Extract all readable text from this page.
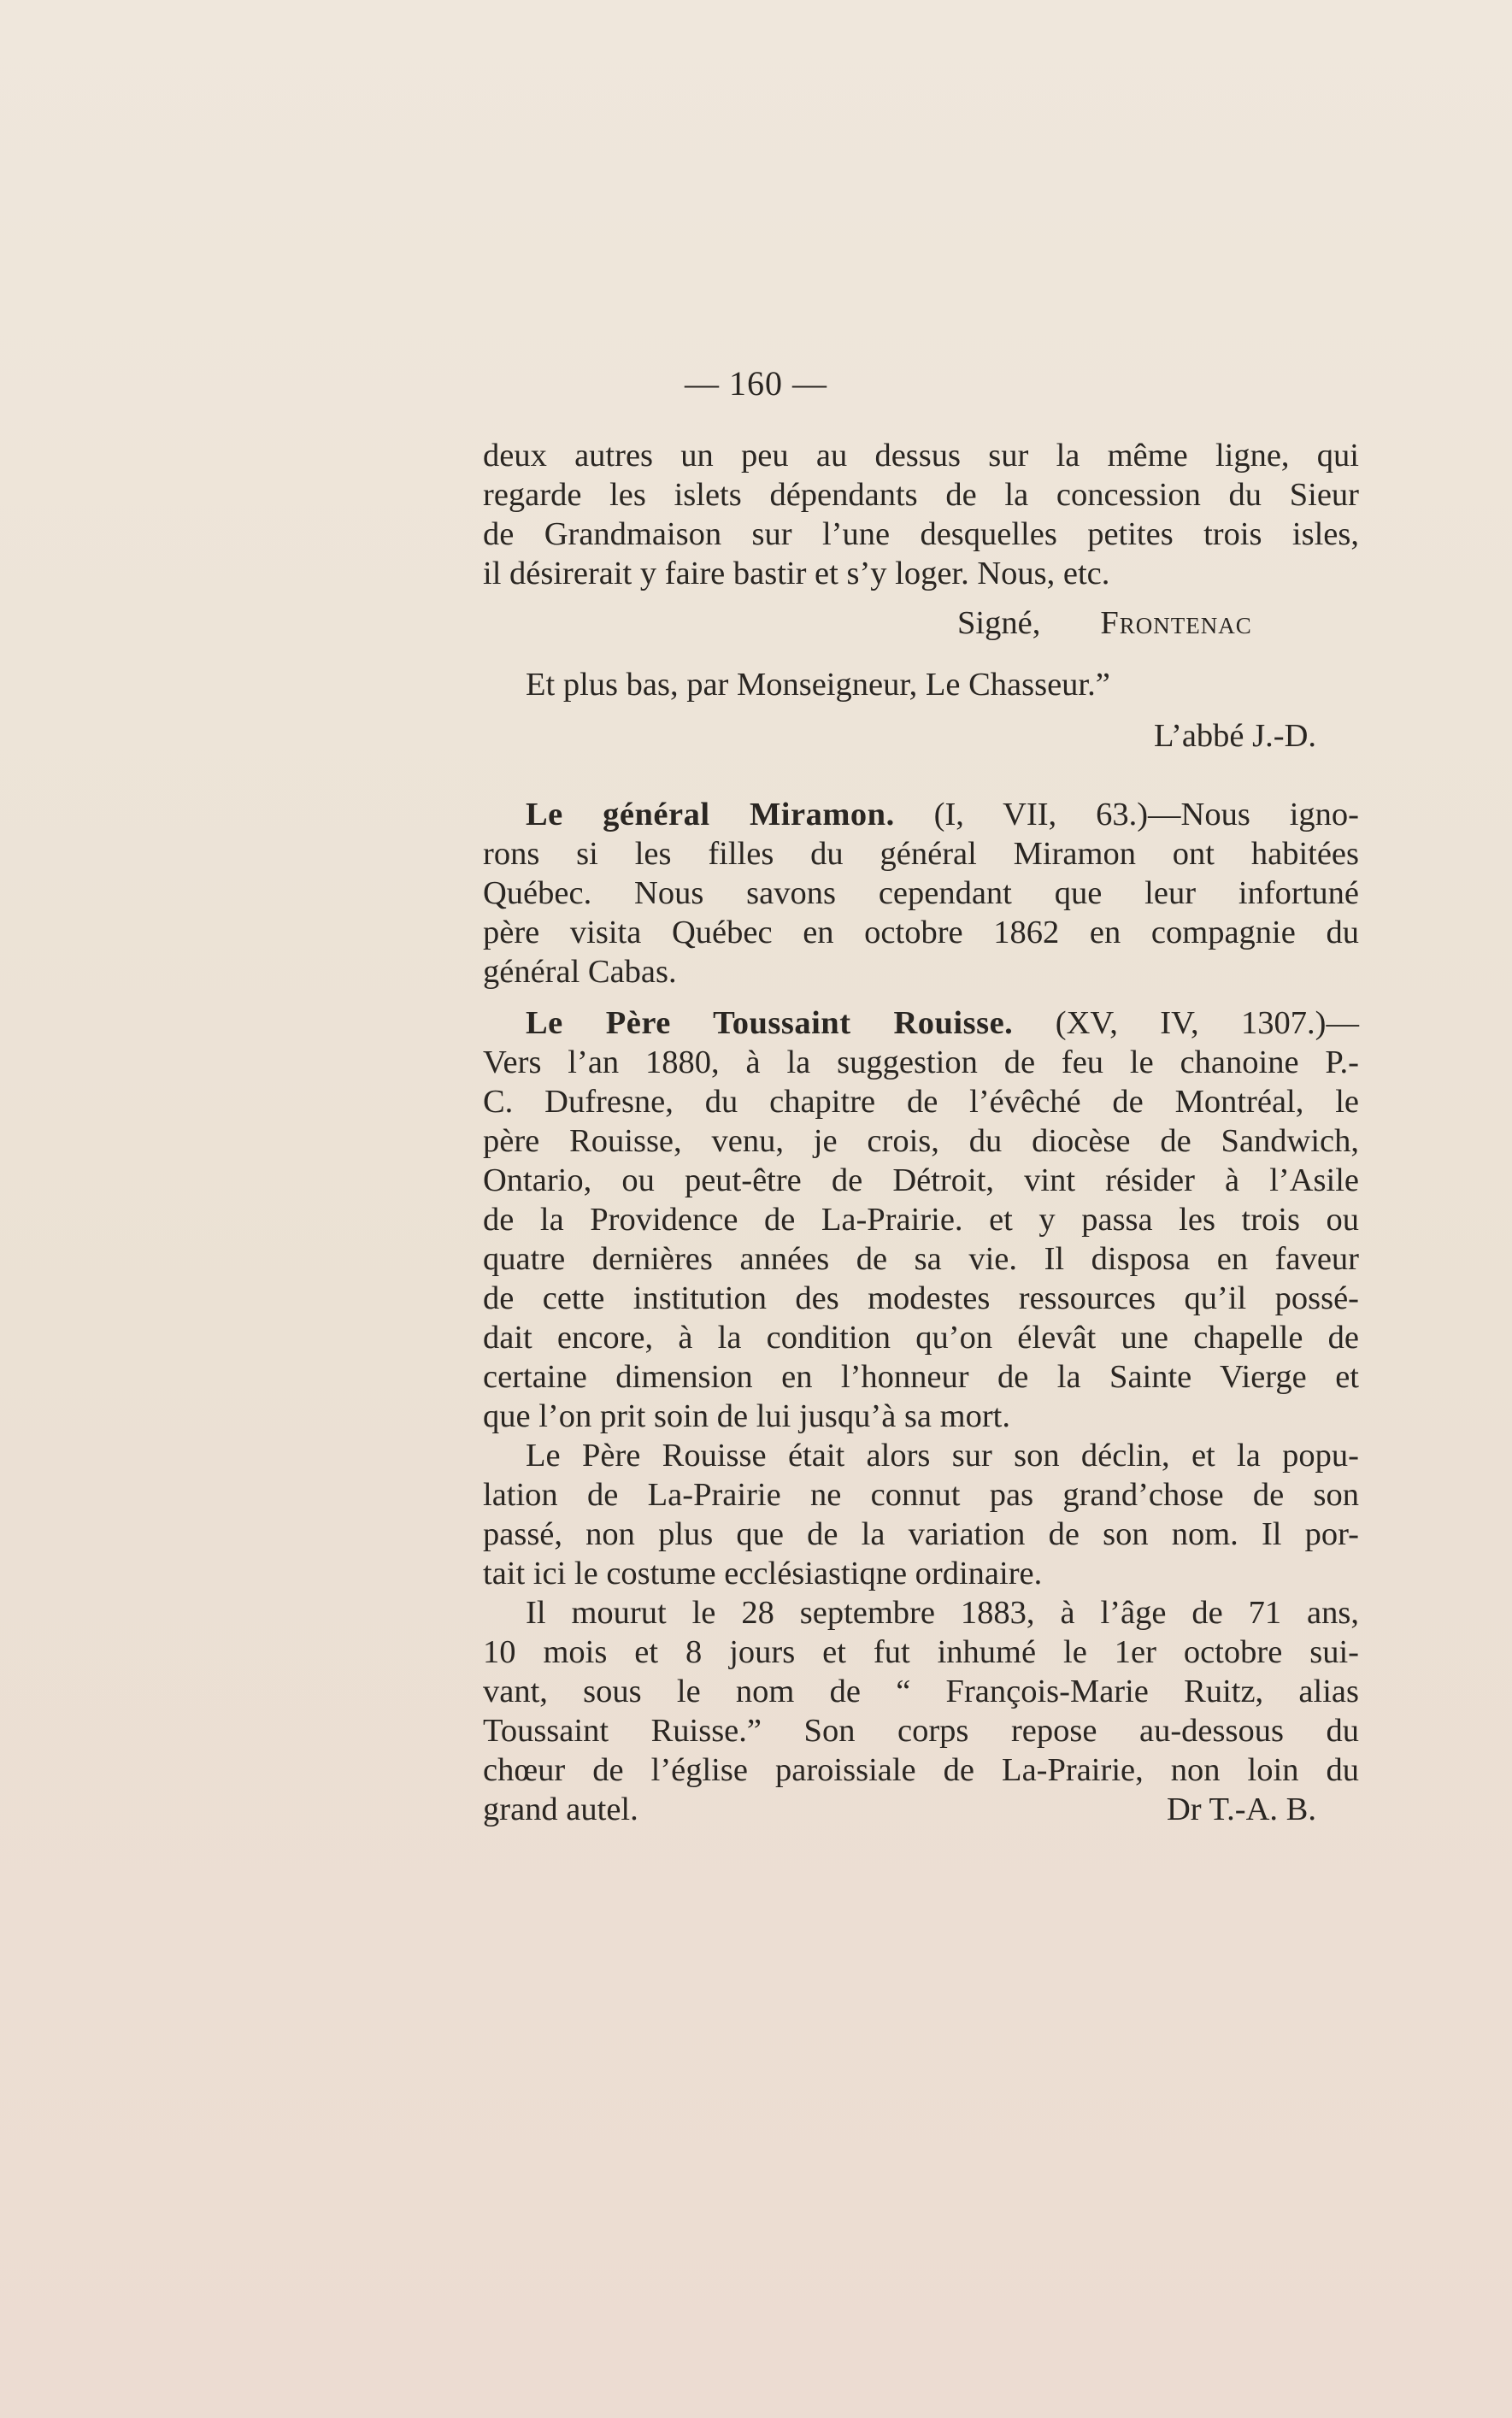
— 160 —
deux autres un peu au dessus sur la même ligne, qui
regarde les islets dépendants de la concession du Sieur
de Grandmaison sur l’une desquelles petites trois isles,
il désirerait y faire bastir et s’y loger. Nous, etc.
Signé, Frontenac
Et plus bas, par Monseigneur, Le Chasseur.”
L’abbé J.-D.
Le général Miramon. (I, VII, 63.)—Nous igno-
rons si les filles du général Miramon ont habitées
Québec. Nous savons cependant que leur infortuné
père visita Québec en octobre 1862 en compagnie du
général Cabas.
Le Père Toussaint Rouisse. (XV, IV, 1307.)—
Vers l’an 1880, à la suggestion de feu le chanoine P.-
C. Dufresne, du chapitre de l’évêché de Montréal, le
père Rouisse, venu, je crois, du diocèse de Sandwich,
Ontario, ou peut-être de Détroit, vint résider à l’Asile
de la Providence de La-Prairie. et y passa les trois ou
quatre dernières années de sa vie. Il disposa en faveur
de cette institution des modestes ressources qu’il possé-
dait encore, à la condition qu’on élevât une chapelle de
certaine dimension en l’honneur de la Sainte Vierge et
que l’on prit soin de lui jusqu’à sa mort.
Le Père Rouisse était alors sur son déclin, et la popu-
lation de La-Prairie ne connut pas grand’chose de son
passé, non plus que de la variation de son nom. Il por-
tait ici le costume ecclésiastiqne ordinaire.
Il mourut le 28 septembre 1883, à l’âge de 71 ans,
10 mois et 8 jours et fut inhumé le 1er octobre sui-
vant, sous le nom de “ François-Marie Ruitz, alias
Toussaint Ruisse.” Son corps repose au-dessous du
chœur de l’église paroissiale de La-Prairie, non loin du
grand autel.	Dr T.-A. B.
